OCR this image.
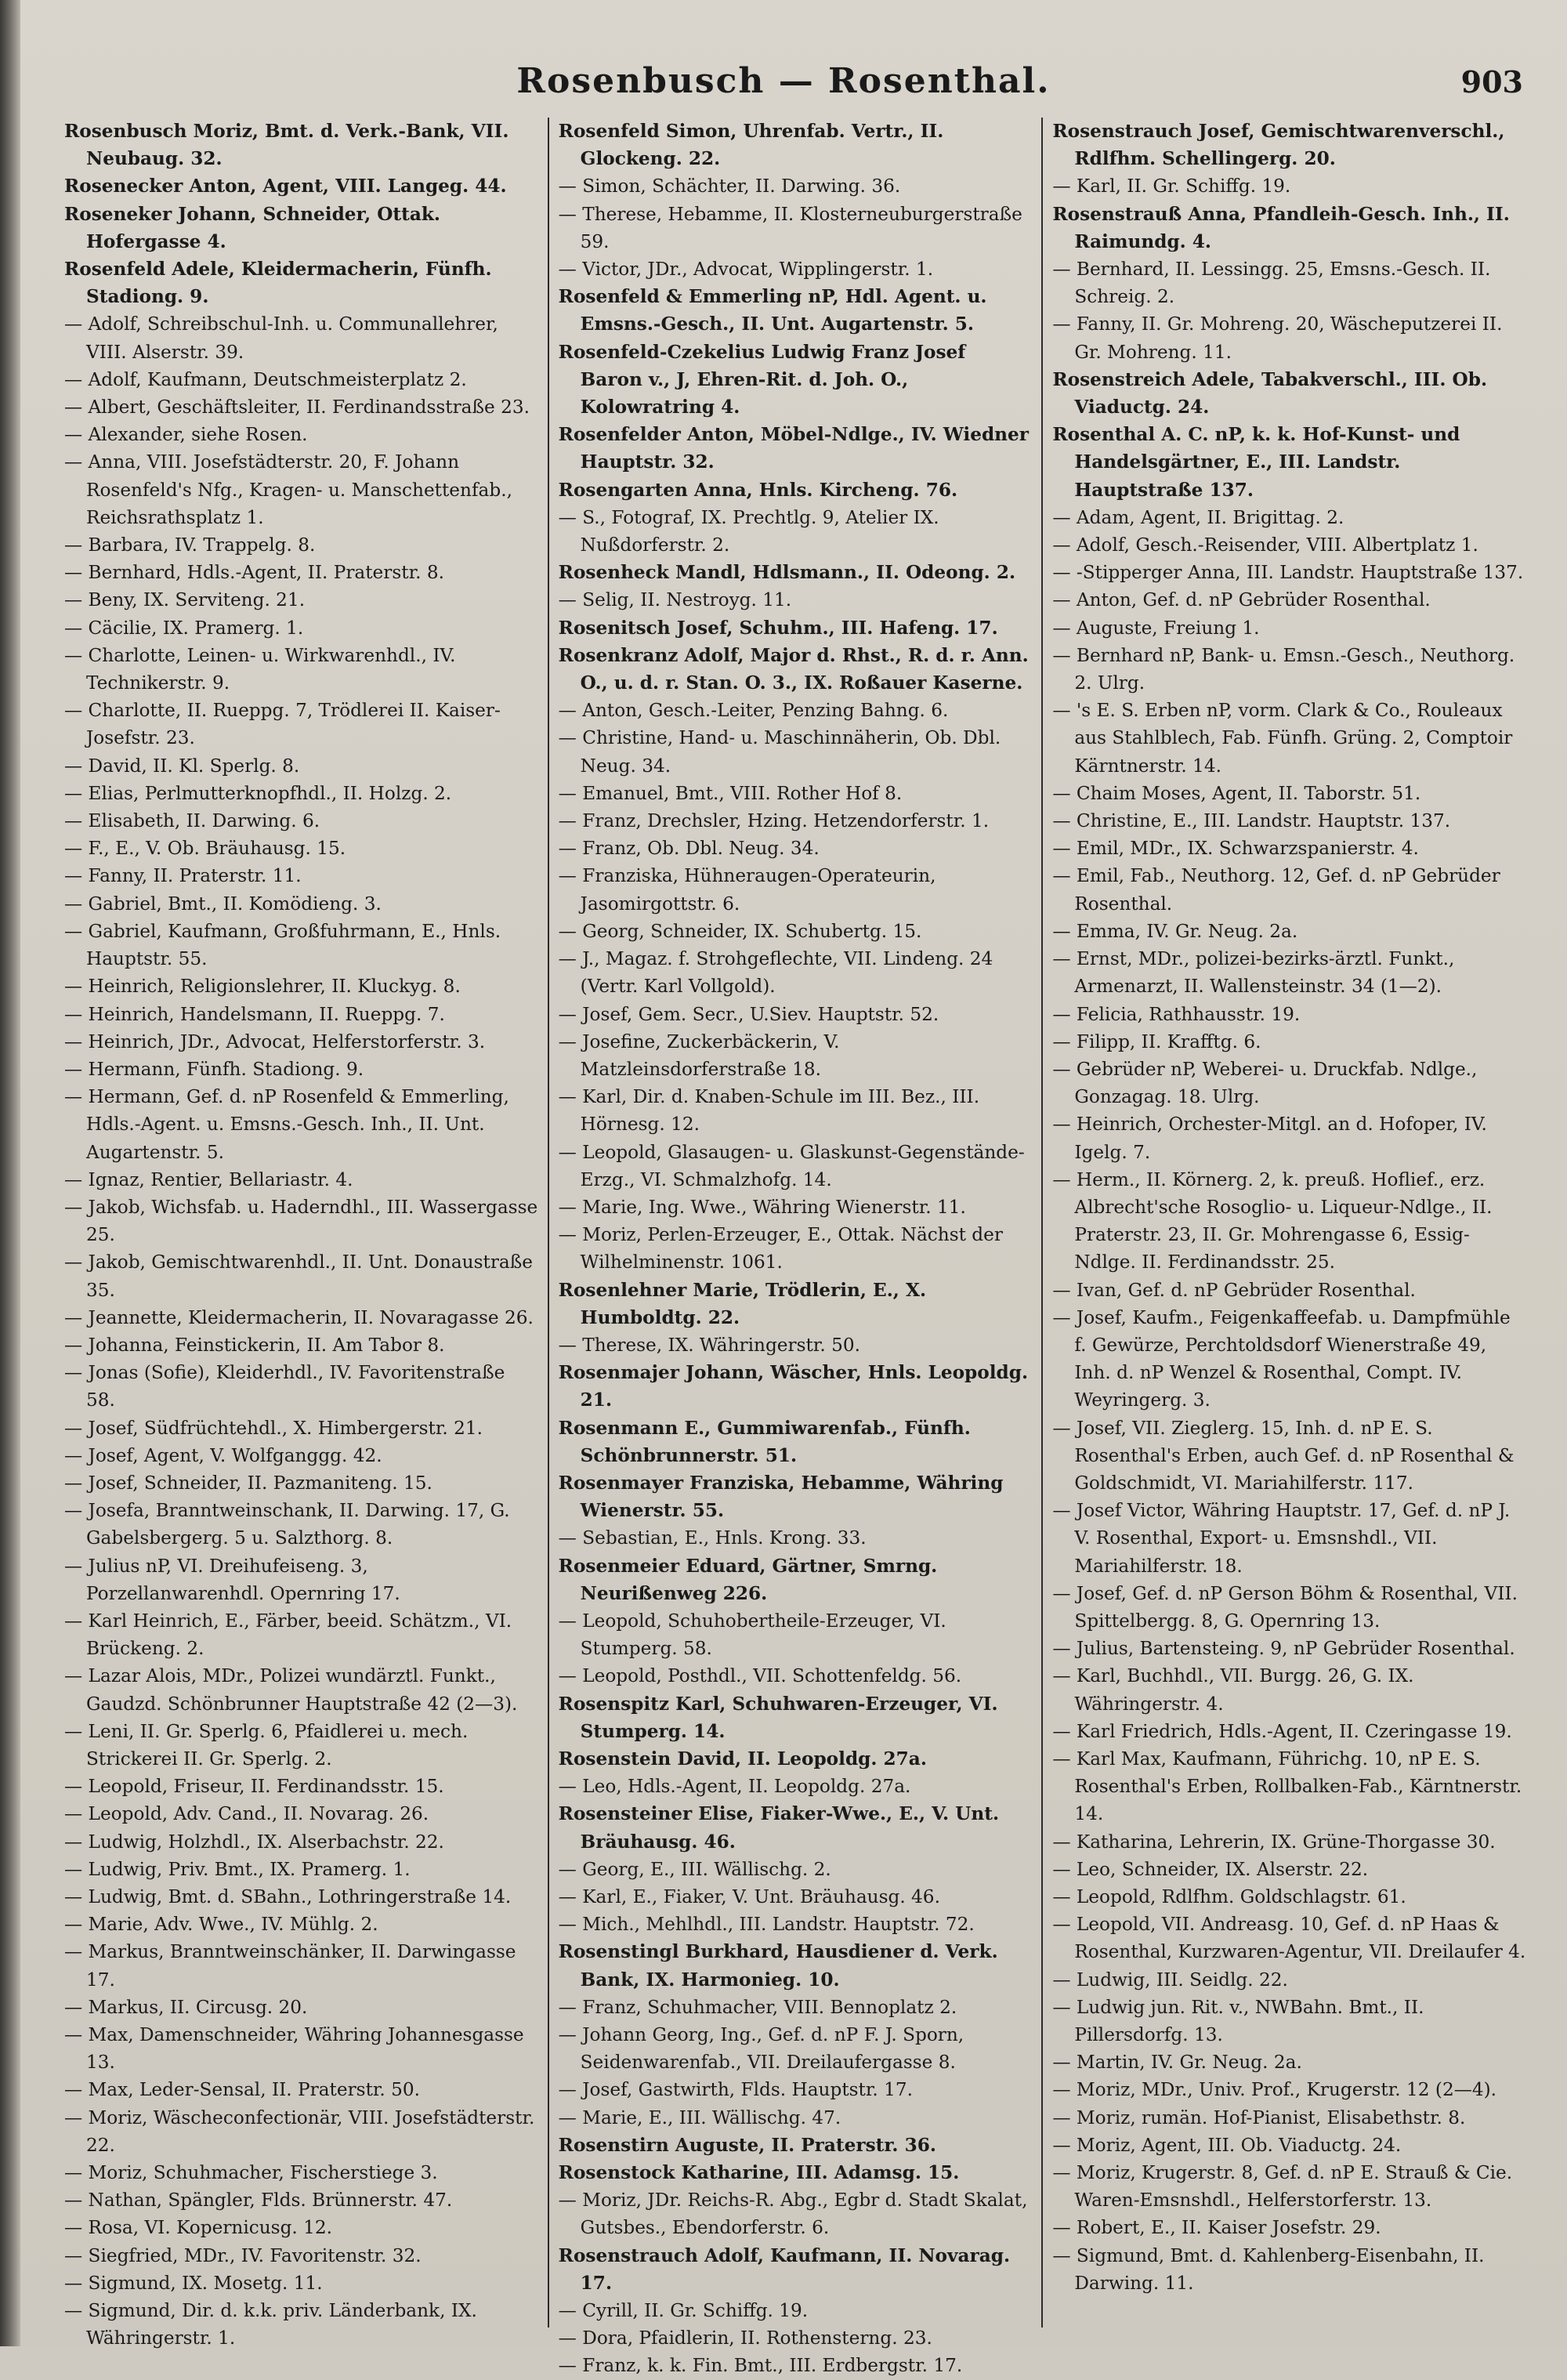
Rosenbusch — Rosenthal.	903
Rosenbusch Moriz, Bmt. d. Verk.-Bank, VII. Neubaug. 32.
Rosenecker Anton, Agent, VIII. Langeg. 44.
Roseneker Johann, Schneider, Ottak. Hofergasse 4.
Rosenfeld Adele, Kleidermacherin, Fünfh. Stadiong. 9.
— Adolf, Schreibschul-Inh. u. Communallehrer, VIII. Alserstr. 39.
— Adolf, Kaufmann, Deutschmeisterplatz 2.
— Albert, Geschäftsleiter, II. Ferdinandsstraße 23.
— Alexander, siehe Rosen.
— Anna, VIII. Josefstädterstr. 20, F. Johann Rosenfeld's Nfg., Kragen- u. Manschettenfab., Reichsrathsplatz 1.
— Barbara, IV. Trappelg. 8.
— Bernhard, Hdls.-Agent, II. Praterstr. 8.
— Beny, IX. Serviteng. 21.
— Cäcilie, IX. Pramerg. 1.
— Charlotte, Leinen- u. Wirkwarenhdl., IV. Technikerstr. 9.
— Charlotte, II. Rueppg. 7, Trödlerei II. Kaiser-Josefstr. 23.
— David, II. Kl. Sperlg. 8.
— Elias, Perlmutterknopfhdl., II. Holzg. 2.
— Elisabeth, II. Darwing. 6.
— F., E., V. Ob. Bräuhausg. 15.
— Fanny, II. Praterstr. 11.
— Gabriel, Bmt., II. Komödieng. 3.
— Gabriel, Kaufmann, Großfuhrmann, E., Hnls. Hauptstr. 55.
— Heinrich, Religionslehrer, II. Kluckyg. 8.
— Heinrich, Handelsmann, II. Rueppg. 7.
— Heinrich, JDr., Advocat, Helferstorferstr. 3.
— Hermann, Fünfh. Stadiong. 9.
— Hermann, Gef. d. nP Rosenfeld & Emmerling, Hdls.-Agent. u. Emsns.-Gesch. Inh., II. Unt. Augartenstr. 5.
— Ignaz, Rentier, Bellariastr. 4.
— Jakob, Wichsfab. u. Haderndhl., III. Wassergasse 25.
— Jakob, Gemischtwarenhdl., II. Unt. Donaustraße 35.
— Jeannette, Kleidermacherin, II. Novaragasse 26.
— Johanna, Feinstickerin, II. Am Tabor 8.
— Jonas (Sofie), Kleiderhdl., IV. Favoritenstraße 58.
— Josef, Südfrüchtehdl., X. Himbergerstr. 21.
— Josef, Agent, V. Wolfganggg. 42.
— Josef, Schneider, II. Pazmaniteng. 15.
— Josefa, Branntweinschank, II. Darwing. 17, G. Gabelsbergerg. 5 u. Salzthorg. 8.
— Julius nP, VI. Dreihufeiseng. 3, Porzellanwarenhdl. Opernring 17.
— Karl Heinrich, E., Färber, beeid. Schätzm., VI. Brückeng. 2.
— Lazar Alois, MDr., Polizei wundärztl. Funkt., Gaudzd. Schönbrunner Hauptstraße 42 (2—3).
— Leni, II. Gr. Sperlg. 6, Pfaidlerei u. mech. Strickerei II. Gr. Sperlg. 2.
— Leopold, Friseur, II. Ferdinandsstr. 15.
— Leopold, Adv. Cand., II. Novarag. 26.
— Ludwig, Holzhdl., IX. Alserbachstr. 22.
— Ludwig, Priv. Bmt., IX. Pramerg. 1.
— Ludwig, Bmt. d. SBahn., Lothringerstraße 14.
— Marie, Adv. Wwe., IV. Mühlg. 2.
— Markus, Branntweinschänker, II. Darwingasse 17.
— Markus, II. Circusg. 20.
— Max, Damenschneider, Währing Johannesgasse 13.
— Max, Leder-Sensal, II. Praterstr. 50.
— Moriz, Wäscheconfectionär, VIII. Josefstädterstr. 22.
— Moriz, Schuhmacher, Fischerstiege 3.
— Nathan, Spängler, Flds. Brünnerstr. 47.
— Rosa, VI. Kopernicusg. 12.
— Siegfried, MDr., IV. Favoritenstr. 32.
— Sigmund, IX. Mosetg. 11.
— Sigmund, Dir. d. k.k. priv. Länderbank, IX. Währingerstr. 1.
Rosenfeld Simon, Uhrenfab. Vertr., II. Glockeng. 22.
— Simon, Schächter, II. Darwing. 36.
— Therese, Hebamme, II. Klosterneuburgerstraße 59.
— Victor, JDr., Advocat, Wipplingerstr. 1.
Rosenfeld & Emmerling nP, Hdl. Agent. u. Emsns.-Gesch., II. Unt. Augartenstr. 5.
Rosenfeld-Czekelius Ludwig Franz Josef Baron v., J, Ehren-Rit. d. Joh. O., Kolowratring 4.
Rosenfelder Anton, Möbel-Ndlge., IV. Wiedner Hauptstr. 32.
Rosengarten Anna, Hnls. Kircheng. 76.
— S., Fotograf, IX. Prechtlg. 9, Atelier IX. Nußdorferstr. 2.
Rosenheck Mandl, Hdlsmann., II. Odeong. 2.
— Selig, II. Nestroyg. 11.
Rosenitsch Josef, Schuhm., III. Hafeng. 17.
Rosenkranz Adolf, Major d. Rhst., R. d. r. Ann. O., u. d. r. Stan. O. 3., IX. Roßauer Kaserne.
— Anton, Gesch.-Leiter, Penzing Bahng. 6.
— Christine, Hand- u. Maschinnäherin, Ob. Dbl. Neug. 34.
— Emanuel, Bmt., VIII. Rother Hof 8.
— Franz, Drechsler, Hzing. Hetzendorferstr. 1.
— Franz, Ob. Dbl. Neug. 34.
— Franziska, Hühneraugen-Operateurin, Jasomirgottstr. 6.
— Georg, Schneider, IX. Schubertg. 15.
— J., Magaz. f. Strohgeflechte, VII. Lindeng. 24 (Vertr. Karl Vollgold).
— Josef, Gem. Secr., U.Siev. Hauptstr. 52.
— Josefine, Zuckerbäckerin, V. Matzleinsdorferstraße 18.
— Karl, Dir. d. Knaben-Schule im III. Bez., III. Hörnesg. 12.
— Leopold, Glasaugen- u. Glaskunst-Gegenstände-Erzg., VI. Schmalzhofg. 14.
— Marie, Ing. Wwe., Währing Wienerstr. 11.
— Moriz, Perlen-Erzeuger, E., Ottak. Nächst der Wilhelminenstr. 1061.
Rosenlehner Marie, Trödlerin, E., X. Humboldtg. 22.
— Therese, IX. Währingerstr. 50.
Rosenmajer Johann, Wäscher, Hnls. Leopoldg. 21.
Rosenmann E., Gummiwarenfab., Fünfh. Schönbrunnerstr. 51.
Rosenmayer Franziska, Hebamme, Währing Wienerstr. 55.
— Sebastian, E., Hnls. Krong. 33.
Rosenmeier Eduard, Gärtner, Smrng. Neurißenweg 226.
— Leopold, Schuhobertheile-Erzeuger, VI. Stumperg. 58.
— Leopold, Posthdl., VII. Schottenfeldg. 56.
Rosenspitz Karl, Schuhwaren-Erzeuger, VI. Stumperg. 14.
Rosenstein David, II. Leopoldg. 27a.
— Leo, Hdls.-Agent, II. Leopoldg. 27a.
Rosensteiner Elise, Fiaker-Wwe., E., V. Unt. Bräuhausg. 46.
— Georg, E., III. Wällischg. 2.
— Karl, E., Fiaker, V. Unt. Bräuhausg. 46.
— Mich., Mehlhdl., III. Landstr. Hauptstr. 72.
Rosenstingl Burkhard, Hausdiener d. Verk. Bank, IX. Harmonieg. 10.
— Franz, Schuhmacher, VIII. Bennoplatz 2.
— Johann Georg, Ing., Gef. d. nP F. J. Sporn, Seidenwarenfab., VII. Dreilaufergasse 8.
— Josef, Gastwirth, Flds. Hauptstr. 17.
— Marie, E., III. Wällischg. 47.
Rosenstirn Auguste, II. Praterstr. 36.
Rosenstock Katharine, III. Adamsg. 15.
— Moriz, JDr. Reichs-R. Abg., Egbr d. Stadt Skalat, Gutsbes., Ebendorferstr. 6.
Rosenstrauch Adolf, Kaufmann, II. Novarag. 17.
— Cyrill, II. Gr. Schiffg. 19.
— Dora, Pfaidlerin, II. Rothensterng. 23.
— Franz, k. k. Fin. Bmt., III. Erdbergstr. 17.
Rosenstrauch Josef, Gemischtwarenverschl., Rdlfhm. Schellingerg. 20.
— Karl, II. Gr. Schiffg. 19.
Rosenstrauß Anna, Pfandleih-Gesch. Inh., II. Raimundg. 4.
— Bernhard, II. Lessingg. 25, Emsns.-Gesch. II. Schreig. 2.
— Fanny, II. Gr. Mohreng. 20, Wäscheputzerei II. Gr. Mohreng. 11.
Rosenstreich Adele, Tabakverschl., III. Ob. Viaductg. 24.
Rosenthal A. C. nP, k. k. Hof-Kunst- und Handelsgärtner, E., III. Landstr. Hauptstraße 137.
— Adam, Agent, II. Brigittag. 2.
— Adolf, Gesch.-Reisender, VIII. Albertplatz 1.
— -Stipperger Anna, III. Landstr. Hauptstraße 137.
— Anton, Gef. d. nP Gebrüder Rosenthal.
— Auguste, Freiung 1.
— Bernhard nP, Bank- u. Emsn.-Gesch., Neuthorg. 2. Ulrg.
— 's E. S. Erben nP, vorm. Clark & Co., Rouleaux aus Stahlblech, Fab. Fünfh. Grüng. 2, Comptoir Kärntnerstr. 14.
— Chaim Moses, Agent, II. Taborstr. 51.
— Christine, E., III. Landstr. Hauptstr. 137.
— Emil, MDr., IX. Schwarzspanierstr. 4.
— Emil, Fab., Neuthorg. 12, Gef. d. nP Gebrüder Rosenthal.
— Emma, IV. Gr. Neug. 2a.
— Ernst, MDr., polizei-bezirks-ärztl. Funkt., Armenarzt, II. Wallensteinstr. 34 (1—2).
— Felicia, Rathhausstr. 19.
— Filipp, II. Krafftg. 6.
— Gebrüder nP, Weberei- u. Druckfab. Ndlge., Gonzagag. 18. Ulrg.
— Heinrich, Orchester-Mitgl. an d. Hofoper, IV. Igelg. 7.
— Herm., II. Körnerg. 2, k. preuß. Hoflief., erz. Albrecht'sche Rosoglio- u. Liqueur-Ndlge., II. Praterstr. 23, II. Gr. Mohrengasse 6, Essig-Ndlge. II. Ferdinandsstr. 25.
— Ivan, Gef. d. nP Gebrüder Rosenthal.
— Josef, Kaufm., Feigenkaffeefab. u. Dampfmühle f. Gewürze, Perchtoldsdorf Wienerstraße 49, Inh. d. nP Wenzel & Rosenthal, Compt. IV. Weyringerg. 3.
— Josef, VII. Zieglerg. 15, Inh. d. nP E. S. Rosenthal's Erben, auch Gef. d. nP Rosenthal & Goldschmidt, VI. Mariahilferstr. 117.
— Josef Victor, Währing Hauptstr. 17, Gef. d. nP J. V. Rosenthal, Export- u. Emsnshdl., VII. Mariahilferstr. 18.
— Josef, Gef. d. nP Gerson Böhm & Rosenthal, VII. Spittelbergg. 8, G. Opernring 13.
— Julius, Bartensteing. 9, nP Gebrüder Rosenthal.
— Karl, Buchhdl., VII. Burgg. 26, G. IX. Währingerstr. 4.
— Karl Friedrich, Hdls.-Agent, II. Czeringasse 19.
— Karl Max, Kaufmann, Führichg. 10, nP E. S. Rosenthal's Erben, Rollbalken-Fab., Kärntnerstr. 14.
— Katharina, Lehrerin, IX. Grüne-Thorgasse 30.
— Leo, Schneider, IX. Alserstr. 22.
— Leopold, Rdlfhm. Goldschlagstr. 61.
— Leopold, VII. Andreasg. 10, Gef. d. nP Haas & Rosenthal, Kurzwaren-Agentur, VII. Dreilaufer 4.
— Ludwig, III. Seidlg. 22.
— Ludwig jun. Rit. v., NWBahn. Bmt., II. Pillersdorfg. 13.
— Martin, IV. Gr. Neug. 2a.
— Moriz, MDr., Univ. Prof., Krugerstr. 12 (2—4).
— Moriz, rumän. Hof-Pianist, Elisabethstr. 8.
— Moriz, Agent, III. Ob. Viaductg. 24.
— Moriz, Krugerstr. 8, Gef. d. nP E. Strauß & Cie. Waren-Emsnshdl., Helferstorferstr. 13.
— Robert, E., II. Kaiser Josefstr. 29.
— Sigmund, Bmt. d. Kahlenberg-Eisenbahn, II. Darwing. 11.
